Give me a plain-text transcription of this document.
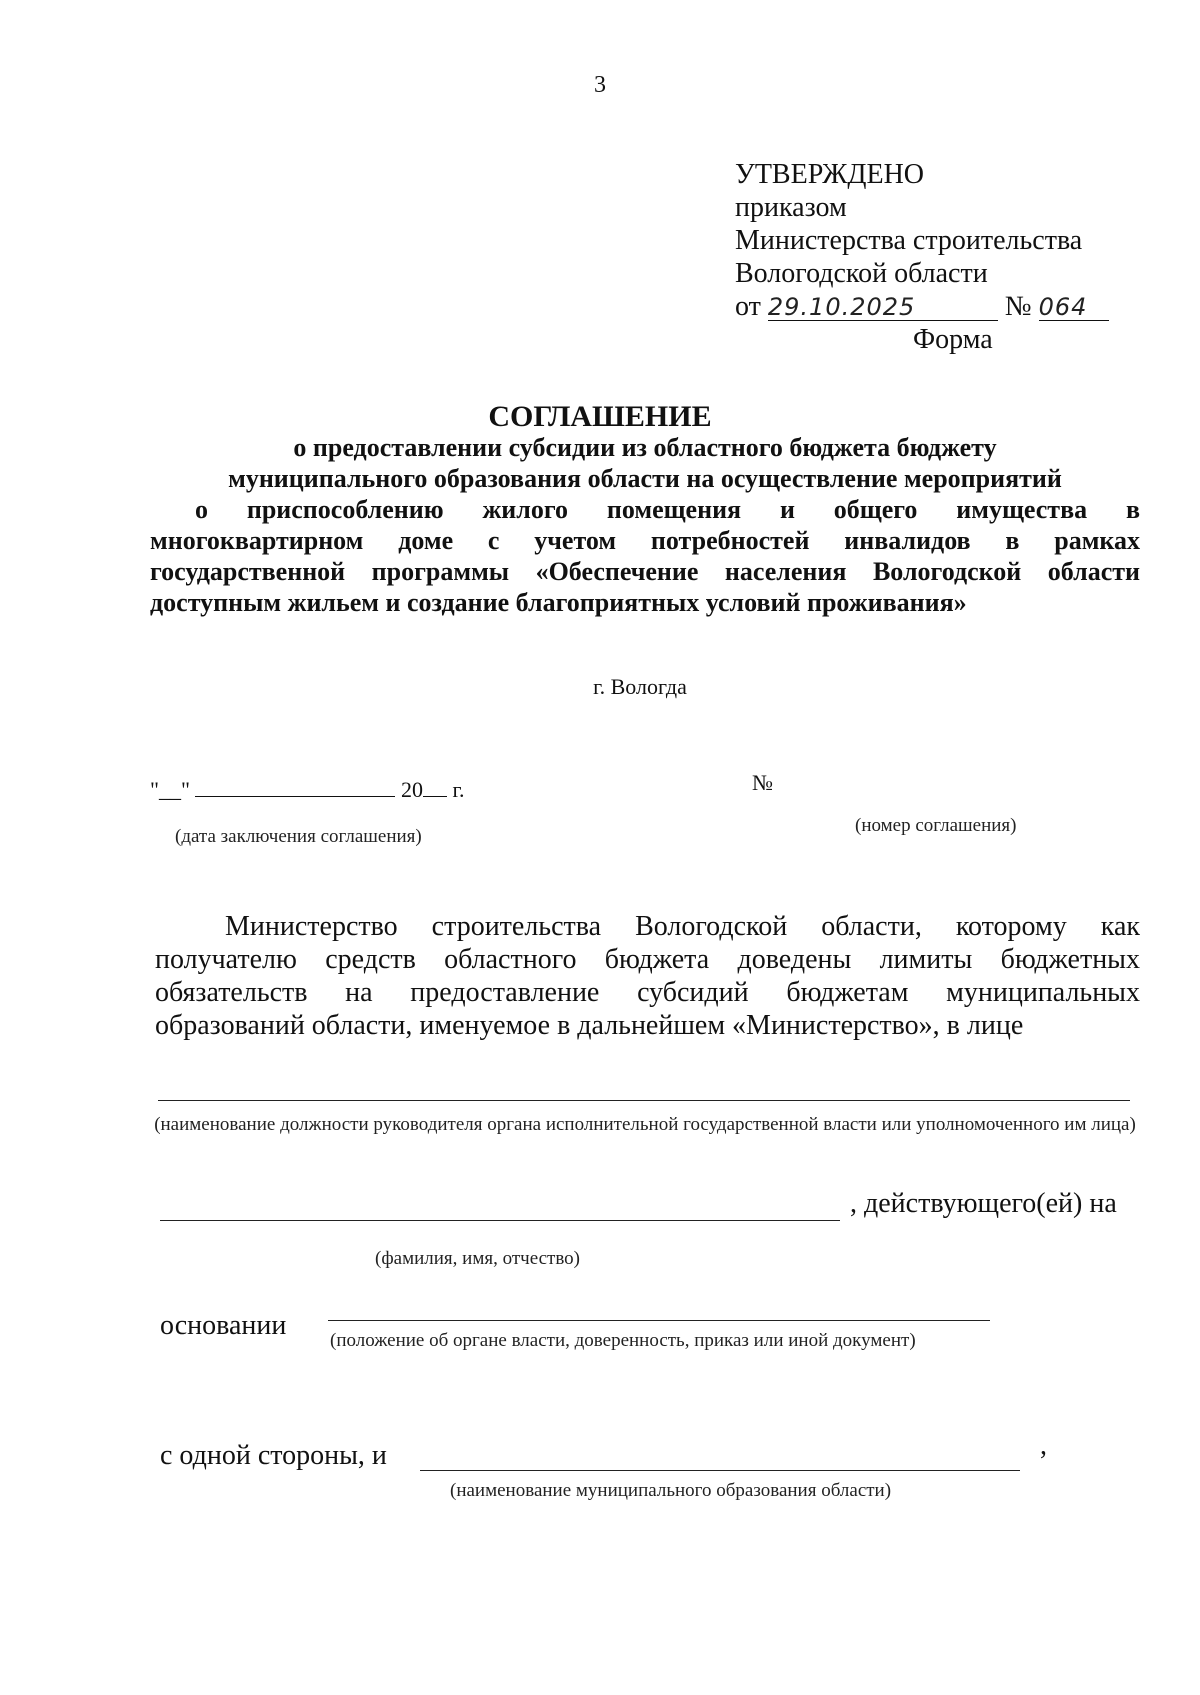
3
УТВЕРЖДЕНО
приказом
Министерства строительства
Вологодской области
от 29.10.2025	№ 064
Форма
СОГЛАШЕНИЕ
о предоставлении субсидии из областного бюджета бюджету
муниципального образования области на осуществление мероприятий
о приспособлению жилого помещения и общего имущества в
многоквартирном доме с учетом потребностей инвалидов в рамках
государственной программы «Обеспечение населения Вологодской области
доступным жильем и создание благоприятных условий проживания»
г. Вологда
"__"	20 г.
(дата заключения соглашения)
№
(номер соглашения)
Министерство строительства Вологодской области, которому как
получателю средств областного бюджета доведены лимиты бюджетных
обязательств на предоставление субсидий бюджетам муниципальных
образований области, именуемое в дальнейшем «Министерство», в лице
(наименование должности руководителя органа исполнительной государственной власти или уполномоченного им лица)
, действующего(ей) на
(фамилия, имя, отчество)
основании (положение об органе власти, доверенность, приказ или иной документ)
с одной стороны, и	,
(наименование муниципального образования области)
